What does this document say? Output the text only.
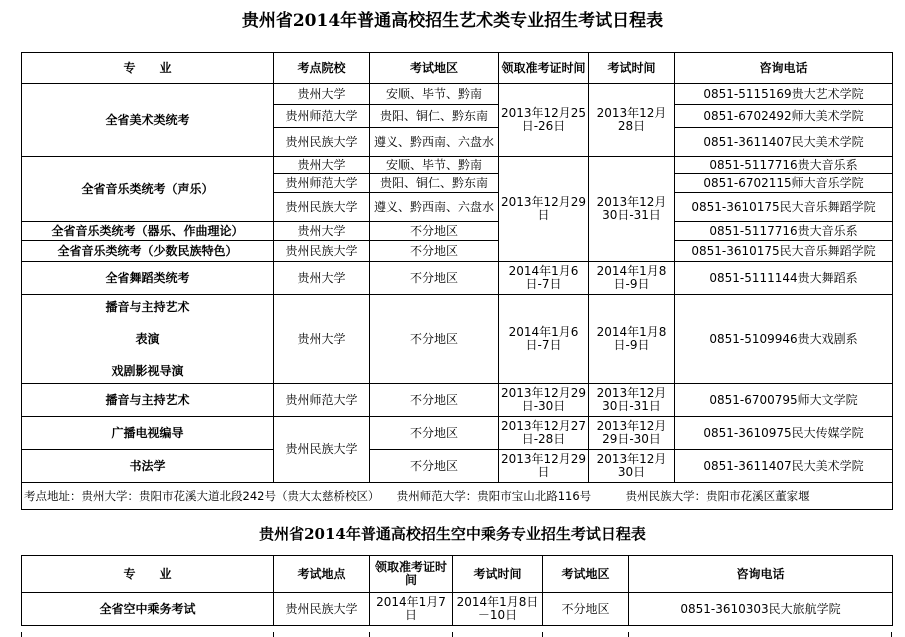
贵州省2014年普通高校招生艺术类专业招生考试日程表
专　　业	考点院校	考试地区	领取准考证时间	考试时间	咨询电话
全省美术类统考	贵州大学	安顺、毕节、黔南	2013年12月25日-26日	2013年12月28日	0851-5115169贵大艺术学院
	贵州师范大学	贵阳、铜仁、黔东南			0851-6702492师大美术学院
	贵州民族大学	遵义、黔西南、六盘水			0851-3611407民大美术学院
全省音乐类统考（声乐）	贵州大学	安顺、毕节、黔南	2013年12月29日	2013年12月30日-31日	0851-5117716贵大音乐系
	贵州师范大学	贵阳、铜仁、黔东南			0851-6702115师大音乐学院
	贵州民族大学	遵义、黔西南、六盘水			0851-3610175民大音乐舞蹈学院
全省音乐类统考（器乐、作曲理论）	贵州大学	不分地区			0851-5117716贵大音乐系
全省音乐类统考（少数民族特色）	贵州民族大学	不分地区			0851-3610175民大音乐舞蹈学院
全省舞蹈类统考	贵州大学	不分地区	2014年1月6日-7日	2014年1月8日-9日	0851-5111144贵大舞蹈系

播音与主持艺术
表演
戏剧影视导演	贵州大学	不分地区	2014年1月6日-7日	2014年1月8日-9日	0851-5109946贵大戏剧系
播音与主持艺术	贵州师范大学	不分地区	2013年12月29日-30日	2013年12月30日-31日	0851-6700795师大文学院
广播电视编导	贵州民族大学	不分地区	2013年12月27日-28日	2013年12月29日-30日	0851-3610975民大传媒学院
书法学		不分地区	2013年12月29日	2013年12月30日	0851-3611407民大美术学院
考点地址：贵州大学：贵阳市花溪大道北段242号（贵大太慈桥校区）　　贵州师范大学：贵阳市宝山北路116号　　　贵州民族大学：贵阳市花溪区董家堰					
贵州省2014年普通高校招生空中乘务专业招生考试日程表
专　　业	考试地点	领取准考证时间	考试时间	考试地区	咨询电话
全省空中乘务考试	贵州民族大学	2014年1月7日	2014年1月8日－10日	不分地区	0851-3610303民大旅航学院
